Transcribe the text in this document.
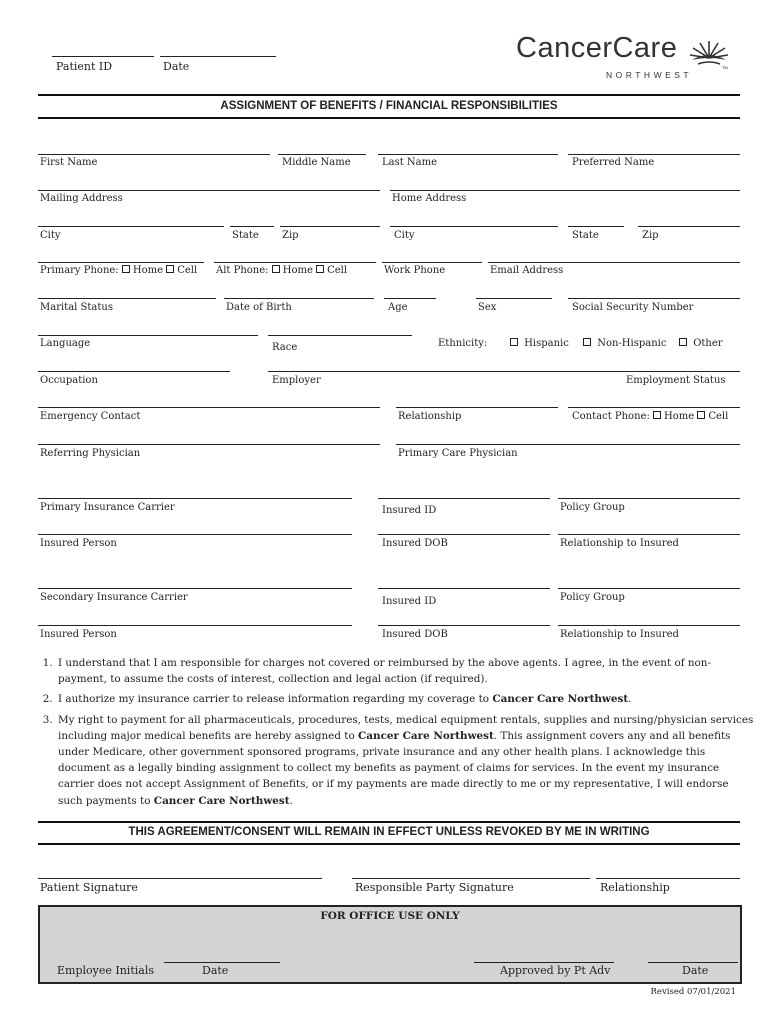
Patient ID	Date
CancerCare
NORTHWEST
TM
ASSIGNMENT OF BENEFITS / FINANCIAL RESPONSIBILITIES
First Name	Middle Name	Last Name	Preferred Name
Mailing Address	Home Address
City	State Zip	City	State	Zip
Primary Phone: Home Cell Alt Phone: Home Cell	Work Phone	Email Address
Marital Status	Date of Birth	Age	Sex	Social Security Number
Language	Race	Ethnicity:	Hispanic	Non-Hispanic	Other
Occupation	Employer	Employment Status
Emergency Contact	Relationship	Contact Phone: Home Cell
Referring Physician	Primary Care Physician
Primary Insurance Carrier	Insured ID	Policy Group
Insured Person	Insured DOB	Relationship to Insured
Secondary Insurance Carrier	Insured ID	Policy Group
Insured Person	Insured DOB	Relationship to Insured
1. I understand that I am responsible for charges not covered or reimbursed by the above agents. I agree, in the event of non-payment, to assume the costs of interest, collection and legal action (if required).
2. I authorize my insurance carrier to release information regarding my coverage to Cancer Care Northwest.
3. My right to payment for all pharmaceuticals, procedures, tests, medical equipment rentals, supplies and nursing/physician services including major medical benefits are hereby assigned to Cancer Care Northwest. This assignment covers any and all benefits under Medicare, other government sponsored programs, private insurance and any other health plans. I acknowledge this document as a legally binding assignment to collect my benefits as payment of claims for services. In the event my insurance carrier does not accept Assignment of Benefits, or if my payments are made directly to me or my representative, I will endorse such payments to Cancer Care Northwest.
THIS AGREEMENT/CONSENT WILL REMAIN IN EFFECT UNLESS REVOKED BY ME IN WRITING
Patient Signature	Responsible Party Signature	Relationship
FOR OFFICE USE ONLY
Employee Initials	Date	Approved by Pt Adv	Date
Revised 07/01/2021
